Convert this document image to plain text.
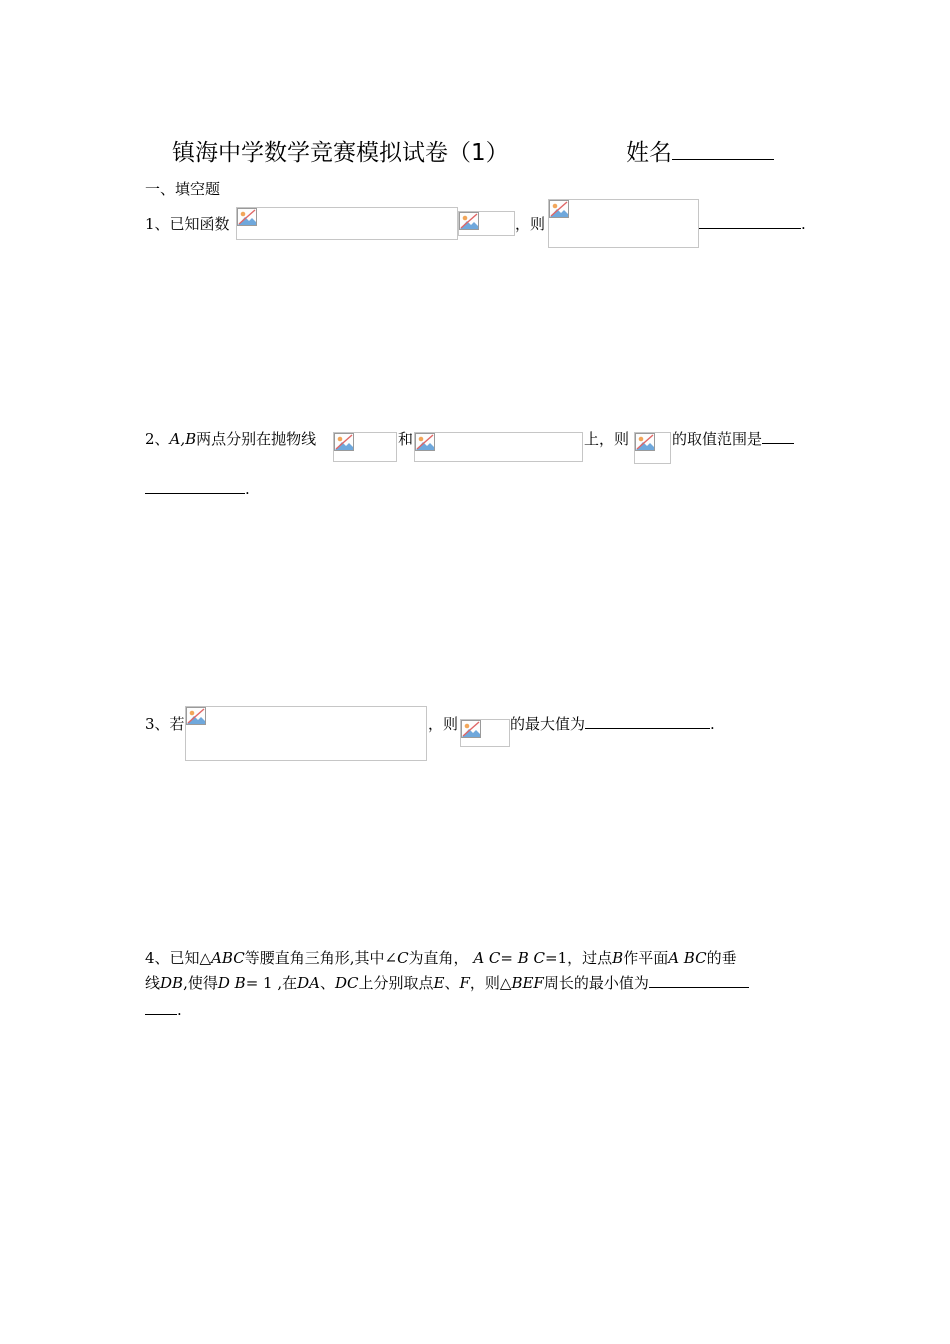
镇海中学数学竞赛模拟试卷（1）	姓名
一、填空题
1、已知函数	，则	.
2、A,B两点分别在抛物线	和	上，则	的取值范围是
.
3、若	，则	的最大值为	.
4、已知△ABC等腰直角三角形,其中∠C为直角， A C= B C=1，过点B作平面A BC的垂
线DB,使得D B= 1 ,在DA、DC上分别取点E、F，则△BEF周长的最小值为
.
